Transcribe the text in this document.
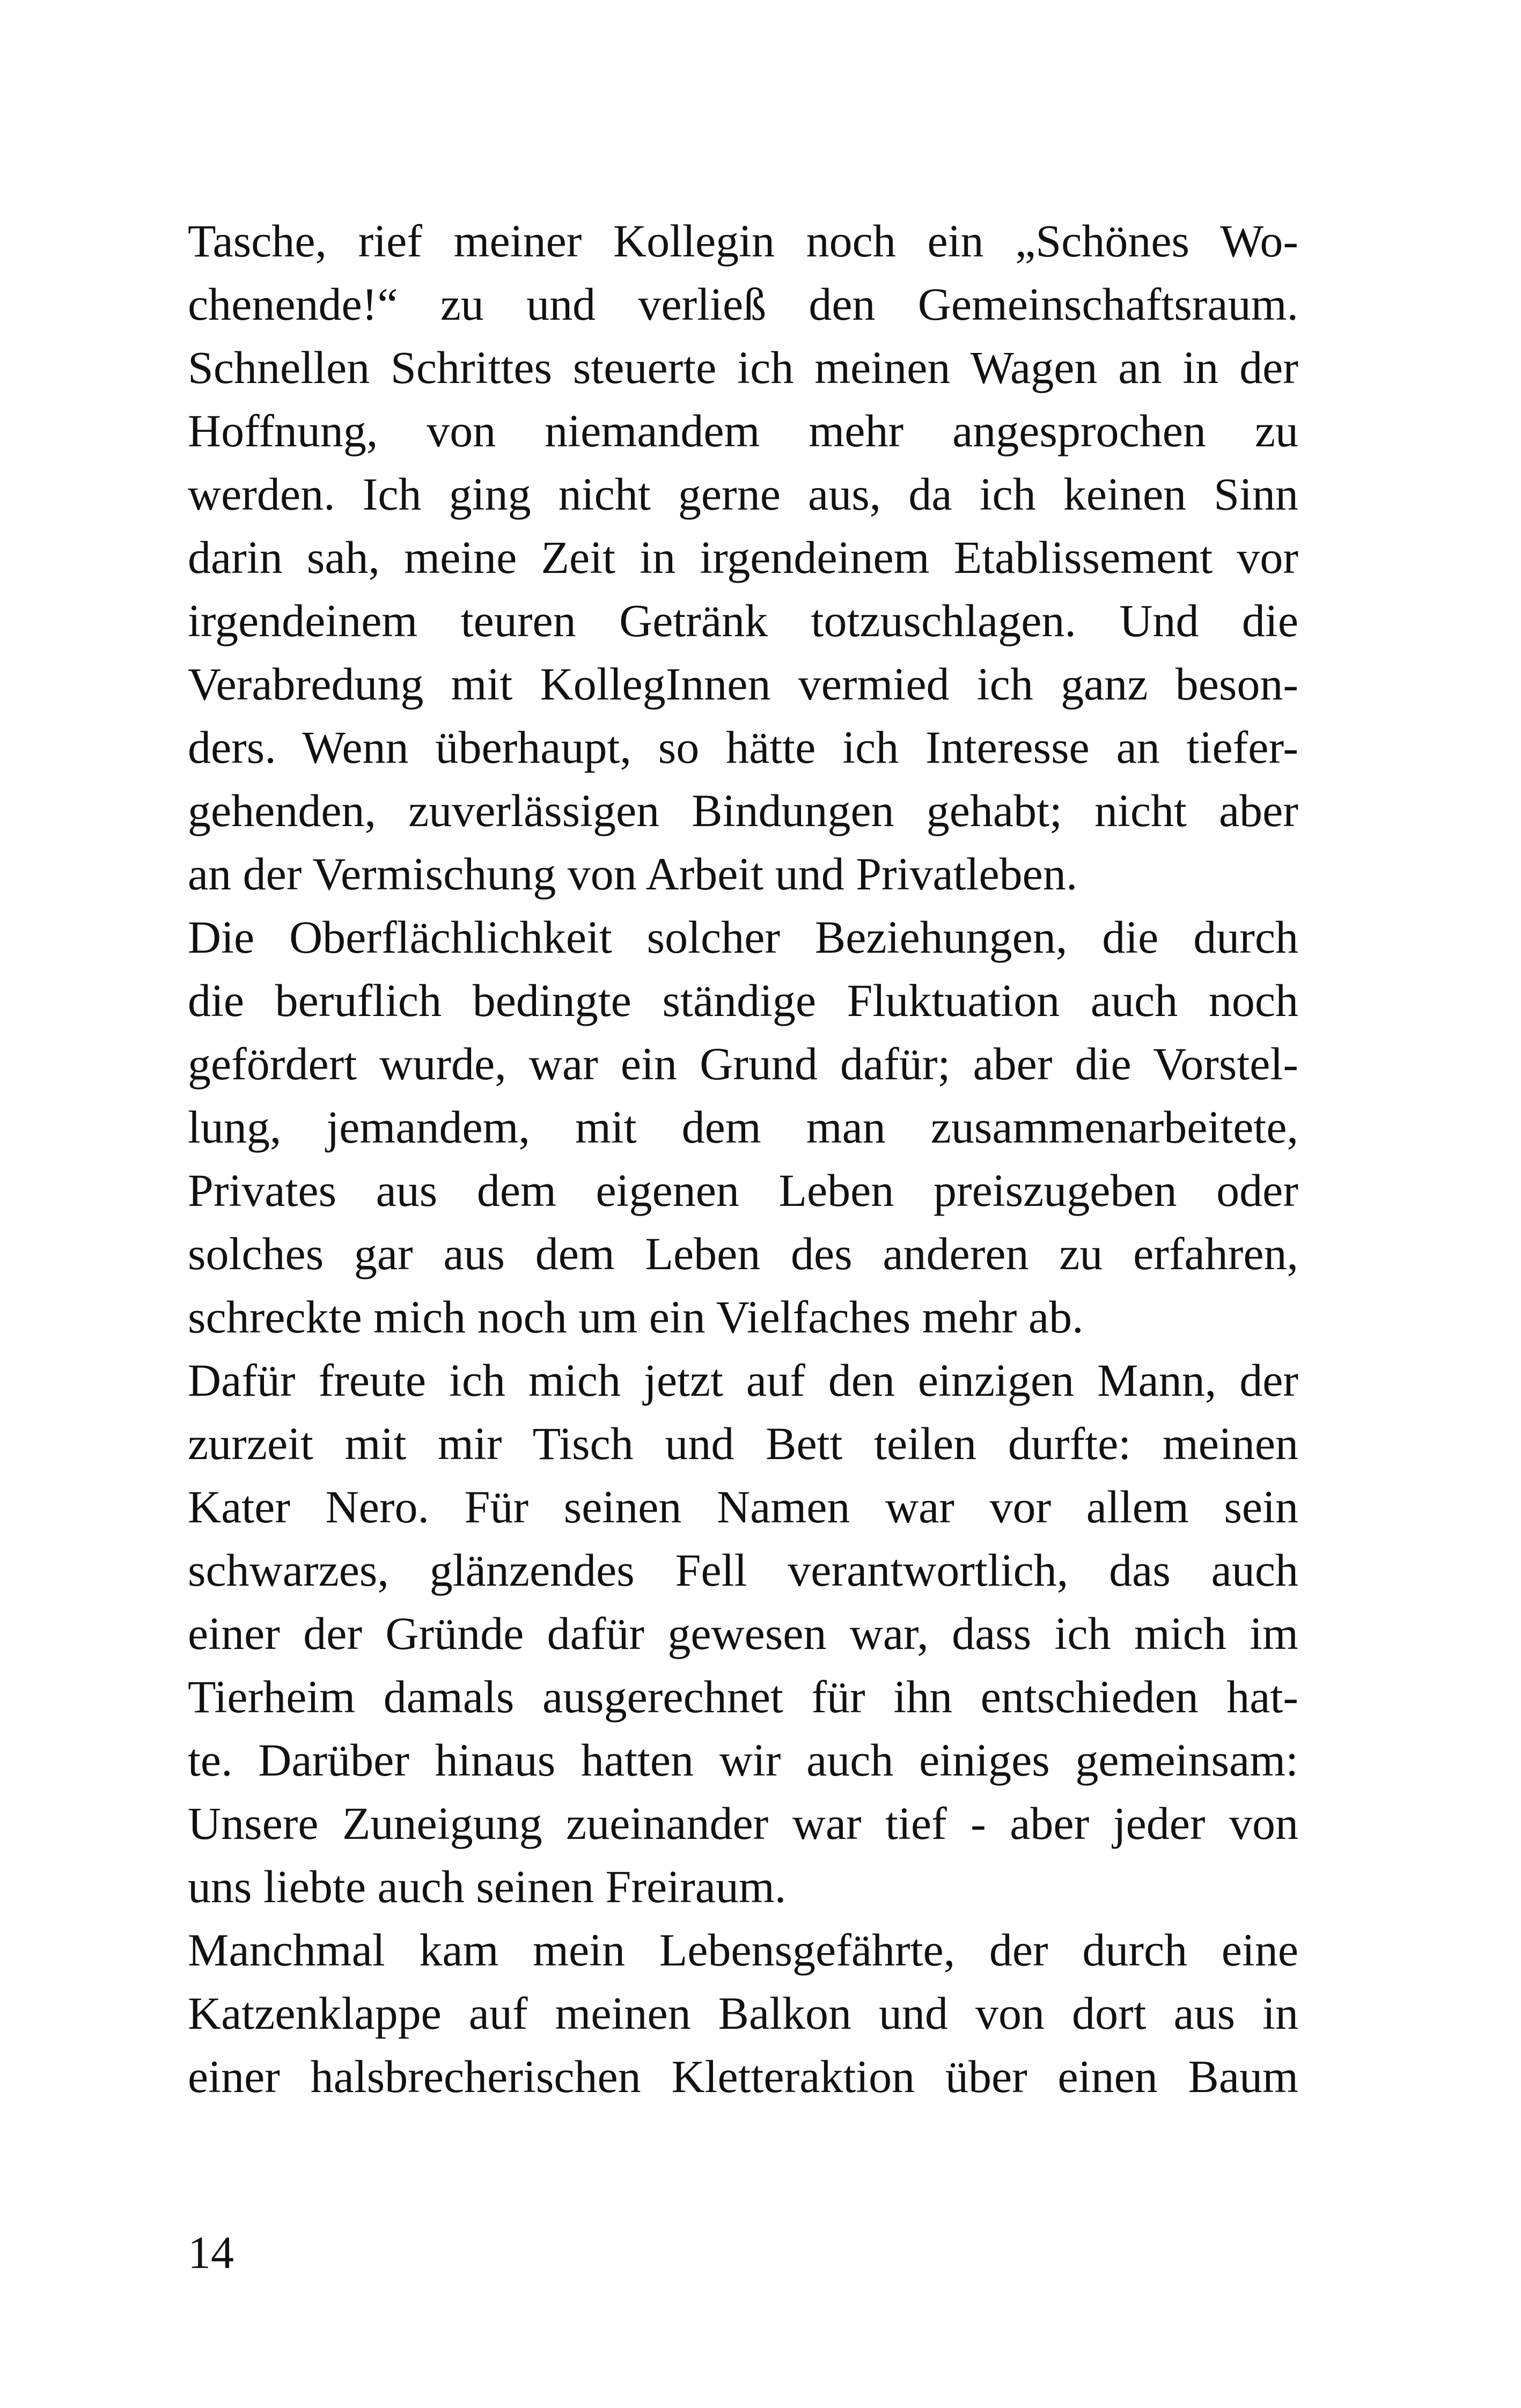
Tasche, rief meiner Kollegin noch ein „Schönes Wo-
chenende!“ zu und verließ den Gemeinschaftsraum.
Schnellen Schrittes steuerte ich meinen Wagen an in der
Hoffnung, von niemandem mehr angesprochen zu
werden. Ich ging nicht gerne aus, da ich keinen Sinn
darin sah, meine Zeit in irgendeinem Etablissement vor
irgendeinem teuren Getränk totzuschlagen. Und die
Verabredung mit KollegInnen vermied ich ganz beson-
ders. Wenn überhaupt, so hätte ich Interesse an tiefer-
gehenden, zuverlässigen Bindungen gehabt; nicht aber
an der Vermischung von Arbeit und Privatleben.
Die Oberflächlichkeit solcher Beziehungen, die durch
die beruflich bedingte ständige Fluktuation auch noch
gefördert wurde, war ein Grund dafür; aber die Vorstel-
lung, jemandem, mit dem man zusammenarbeitete,
Privates aus dem eigenen Leben preiszugeben oder
solches gar aus dem Leben des anderen zu erfahren,
schreckte mich noch um ein Vielfaches mehr ab.
Dafür freute ich mich jetzt auf den einzigen Mann, der
zurzeit mit mir Tisch und Bett teilen durfte: meinen
Kater Nero. Für seinen Namen war vor allem sein
schwarzes, glänzendes Fell verantwortlich, das auch
einer der Gründe dafür gewesen war, dass ich mich im
Tierheim damals ausgerechnet für ihn entschieden hat-
te. Darüber hinaus hatten wir auch einiges gemeinsam:
Unsere Zuneigung zueinander war tief - aber jeder von
uns liebte auch seinen Freiraum.
Manchmal kam mein Lebensgefährte, der durch eine
Katzenklappe auf meinen Balkon und von dort aus in
einer halsbrecherischen Kletteraktion über einen Baum
14
